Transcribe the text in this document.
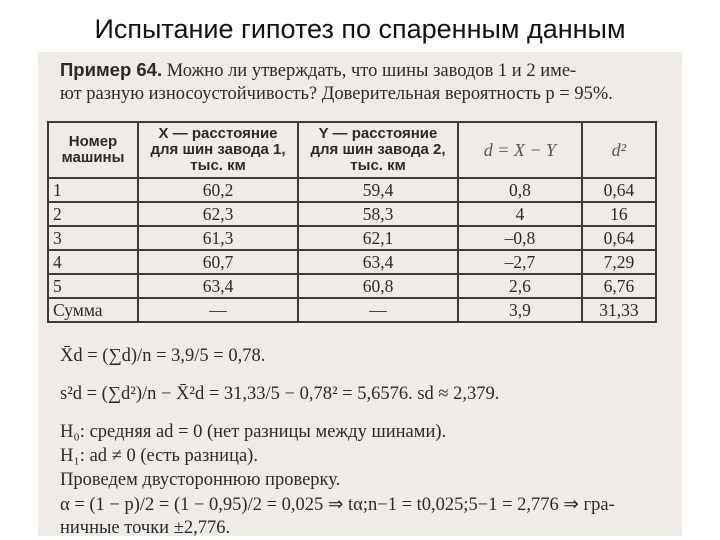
Испытание гипотез по спаренным данным
Пример 64. Можно ли утверждать, что шины заводов 1 и 2 име-
ют разную износоустойчивость? Доверительная вероятность p = 95%.
Номер машины	X — расстояние для шин завода 1, тыс. км	Y — расстояние для шин завода 2, тыс. км	d = X − Y	d²
1	60,2	59,4	0,8	0,64
2	62,3	58,3	4	16
3	61,3	62,1	–0,8	0,64
4	60,7	63,4	–2,7	7,29
5	63,4	60,8	2,6	6,76
Сумма	—	—	3,9	31,33
X̄d = (∑d)/n = 3,9/5 = 0,78.
s²d = (∑d²)/n − X̄²d = 31,33/5 − 0,78² = 5,6576. sd ≈ 2,379.
H₀: средняя ad = 0 (нет разницы между шинами).
H₁: ad ≠ 0 (есть разница).
Проведем двустороннюю проверку.
α = (1 − p)/2 = (1 − 0,95)/2 = 0,025 ⇒ tα;n−1 = t0,025;5−1 = 2,776 ⇒ гра-
ничные точки ±2,776.
